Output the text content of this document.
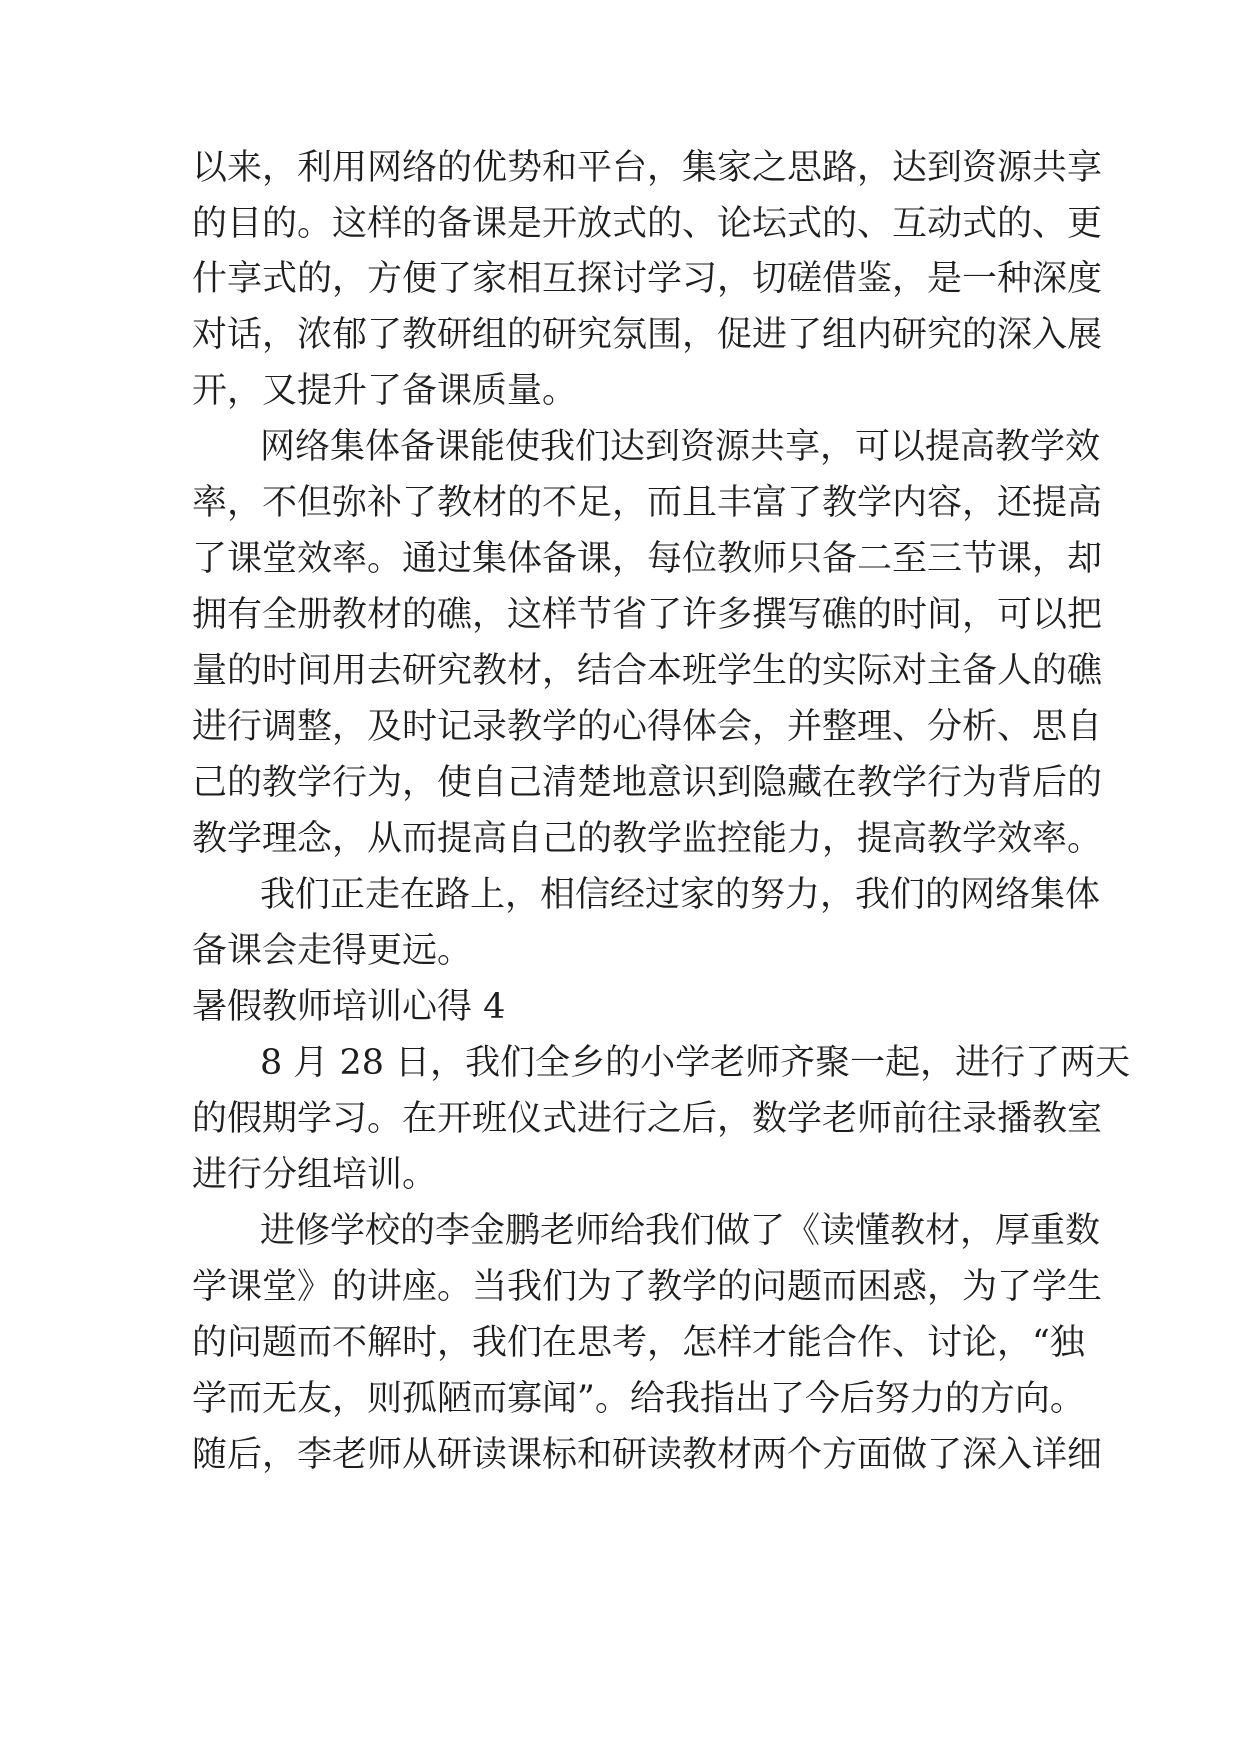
以来，利用网络的优势和平台，集家之思路，达到资源共享
的目的。这样的备课是开放式的、论坛式的、互动式的、更
什享式的，方便了家相互探讨学习，切磋借鉴，是一种深度
对话，浓郁了教研组的研究氛围，促进了组内研究的深入展
开，又提升了备课质量。
网络集体备课能使我们达到资源共享，可以提高教学效
率，不但弥补了教材的不足，而且丰富了教学内容，还提高
了课堂效率。通过集体备课，每位教师只备二至三节课，却
拥有全册教材的礁，这样节省了许多撰写礁的时间，可以把
量的时间用去研究教材，结合本班学生的实际对主备人的礁
进行调整，及时记录教学的心得体会，并整理、分析、思自
己的教学行为，使自己清楚地意识到隐藏在教学行为背后的
教学理念，从而提高自己的教学监控能力，提高教学效率。
我们正走在路上，相信经过家的努力，我们的网络集体
备课会走得更远。
暑假教师培训心得 4
8 月 28 日，我们全乡的小学老师齐聚一起，进行了两天
的假期学习。在开班仪式进行之后，数学老师前往录播教室
进行分组培训。
进修学校的李金鹏老师给我们做了《读懂教材，厚重数
学课堂》的讲座。当我们为了教学的问题而困惑，为了学生
的问题而不解时，我们在思考，怎样才能合作、讨论，“独
学而无友，则孤陋而寡闻”。给我指出了今后努力的方向。
随后，李老师从研读课标和研读教材两个方面做了深入详细
